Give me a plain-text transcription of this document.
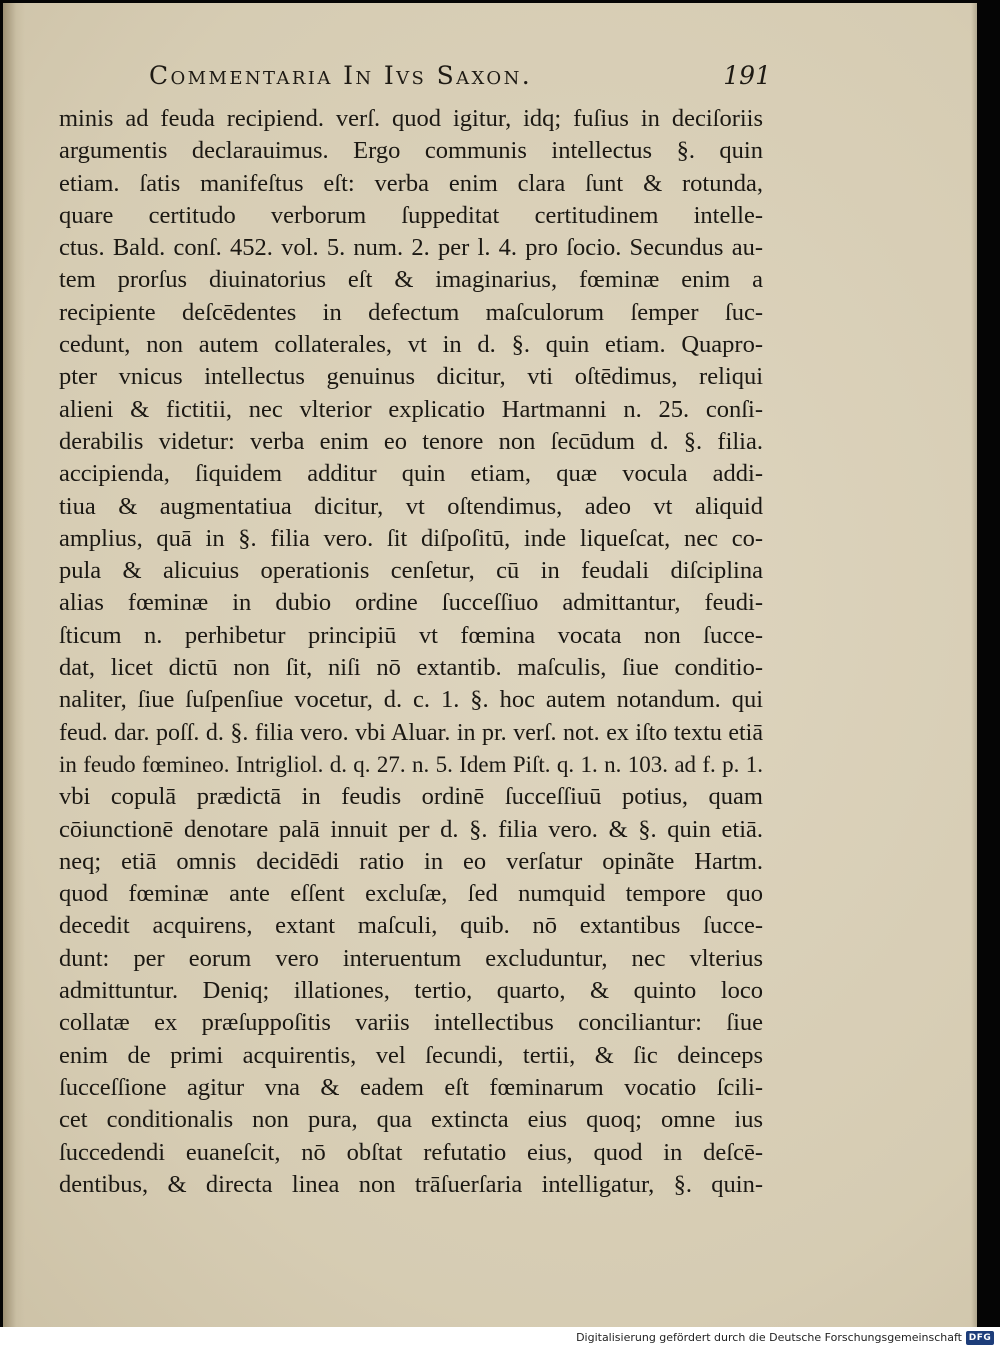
Commentaria In Ivs Saxon.	191
minis ad feuda recipiend. verſ. quod igitur, idq; fuſius in deciſoriis
argumentis declarauimus. Ergo communis intellectus §. quin
etiam. ſatis manifeſtus eſt: verba enim clara ſunt & rotunda,
quare certitudo verborum ſuppeditat certitudinem intelle-
ctus. Bald. conſ. 452. vol. 5. num. 2. per l. 4. pro ſocio. Secundus au-
tem prorſus diuinatorius eſt & imaginarius, fœminæ enim a
recipiente deſcēdentes in defectum maſculorum ſemper ſuc-
cedunt, non autem collaterales, vt in d. §. quin etiam. Quapro-
pter vnicus intellectus genuinus dicitur, vti oſtēdimus, reliqui
alieni & fictitii, nec vlterior explicatio Hartmanni n. 25. conſi-
derabilis videtur: verba enim eo tenore non ſecūdum d. §. filia.
accipienda, ſiquidem additur quin etiam, quæ vocula addi-
tiua & augmentatiua dicitur, vt oſtendimus, adeo vt aliquid
amplius, quā in §. filia vero. ſit diſpoſitū, inde liqueſcat, nec co-
pula & alicuius operationis cenſetur, cū in feudali diſciplina
alias fœminæ in dubio ordine ſucceſſiuo admittantur, feudi-
ſticum n. perhibetur principiū vt fœmina vocata non ſucce-
dat, licet dictū non ſit, niſi nō extantib. maſculis, ſiue conditio-
naliter, ſiue ſuſpenſiue vocetur, d. c. 1. §. hoc autem notandum. qui
feud. dar. poſſ. d. §. filia vero. vbi Aluar. in pr. verſ. not. ex iſto textu etiā
in feudo fœmineo. Intrigliol. d. q. 27. n. 5. Idem Piſt. q. 1. n. 103. ad f. p. 1.
vbi copulā prædictā in feudis ordinē ſucceſſiuū potius, quam
cōiunctionē denotare palā innuit per d. §. filia vero. & §. quin etiā.
neq; etiā omnis decidēdi ratio in eo verſatur opinãte Hartm.
quod fœminæ ante eſſent excluſæ, ſed numquid tempore quo
decedit acquirens, extant maſculi, quib. nō extantibus ſucce-
dunt: per eorum vero interuentum excluduntur, nec vlterius
admittuntur. Deniq; illationes, tertio, quarto, & quinto loco
collatæ ex præſuppoſitis variis intellectibus conciliantur: ſiue
enim de primi acquirentis, vel ſecundi, tertii, & ſic deinceps
ſucceſſione agitur vna & eadem eſt fœminarum vocatio ſcili-
cet conditionalis non pura, qua extincta eius quoq; omne ius
ſuccedendi euaneſcit, nō obſtat refutatio eius, quod in deſcē-
dentibus, & directa linea non trāſuerſaria intelligatur, §. quin-
Digitalisierung gefördert durch die Deutsche Forschungsgemeinschaft DFG
